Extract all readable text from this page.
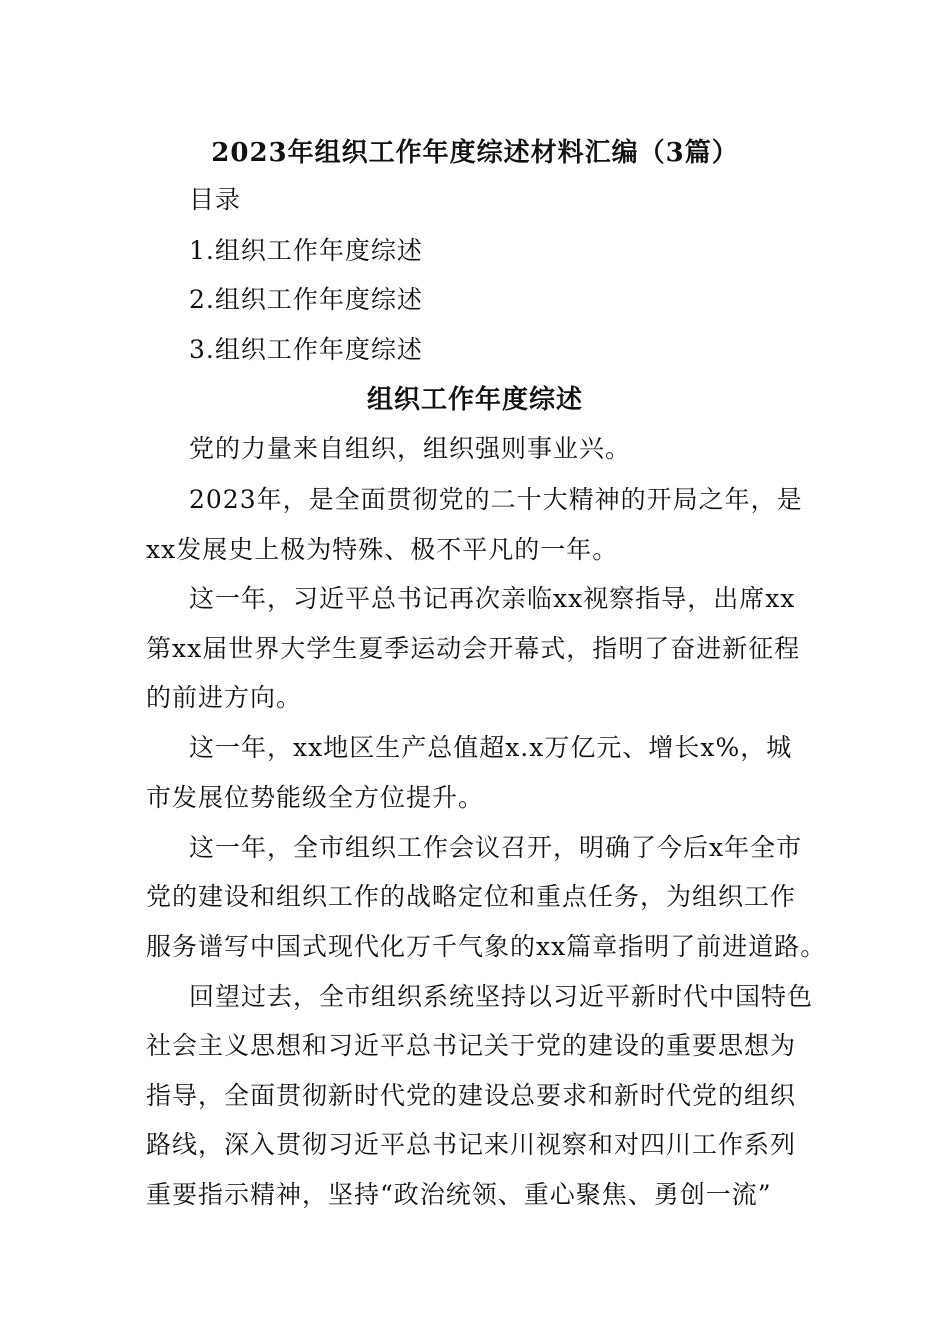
2023年组织工作年度综述材料汇编（3篇）
目录
1.组织工作年度综述
2.组织工作年度综述
3.组织工作年度综述
组织工作年度综述
党的力量来自组织，组织强则事业兴。
2023年，是全面贯彻党的二十大精神的开局之年，是
xx发展史上极为特殊、极不平凡的一年。
这一年，习近平总书记再次亲临xx视察指导，出席xx
第xx届世界大学生夏季运动会开幕式，指明了奋进新征程
的前进方向。
这一年，xx地区生产总值超x.x万亿元、增长x%，城
市发展位势能级全方位提升。
这一年，全市组织工作会议召开，明确了今后x年全市
党的建设和组织工作的战略定位和重点任务，为组织工作
服务谱写中国式现代化万千气象的xx篇章指明了前进道路。
回望过去，全市组织系统坚持以习近平新时代中国特色
社会主义思想和习近平总书记关于党的建设的重要思想为
指导，全面贯彻新时代党的建设总要求和新时代党的组织
路线，深入贯彻习近平总书记来川视察和对四川工作系列
重要指示精神，坚持“政治统领、重心聚焦、勇创一流”
